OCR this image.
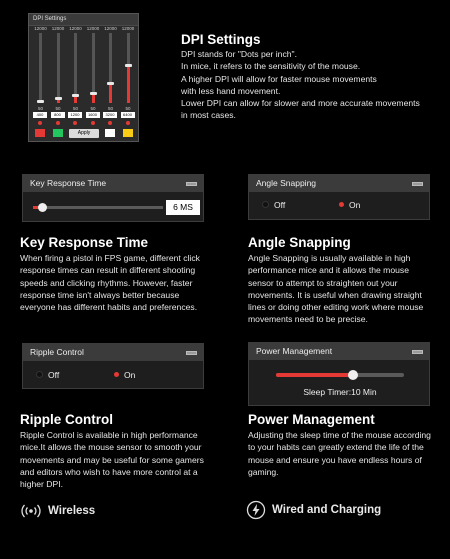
DPI Settings
12000
50
400
12000
50
800
12000
50
1200
12000
50
1600
12000
50
3200
12000
50
6400
Apply
DPI Settings
DPI stands for "Dots per inch".
In mice, it refers to the sensitivity of the mouse.
A higher DPI will allow for faster mouse movements
with less hand movement.
Lower DPI can allow for slower and more accurate movements
in most cases.
Key Response Time
6 MS
Key Response Time
When firing a pistol in FPS game, different click
response times can result in different shooting
speeds and clicking rhythms. However, faster
response time isn't always better because
everyone has different habits and preferences.
Angle Snapping
Off	On
Angle Snapping
Angle Snapping is usually available in high
performance mice and it allows the mouse
sensor to attempt to straighten out your
movements. It is useful when drawing straight
lines or doing other editing work where mouse
movements need to be precise.
Ripple Control
Off	On
Ripple Control
Ripple Control is available in high performance
mice.It allows the mouse sensor to smooth your
movements and may be useful for some gamers
and editors who wish to have more control at a
higher DPI.
Power Management
Sleep Timer:10 Min
Power Management
Adjusting the sleep time of the mouse according
to your habits can greatly extend the life of the
mouse and ensure you have endless hours of
gaming.
Wireless	Wired and Charging
